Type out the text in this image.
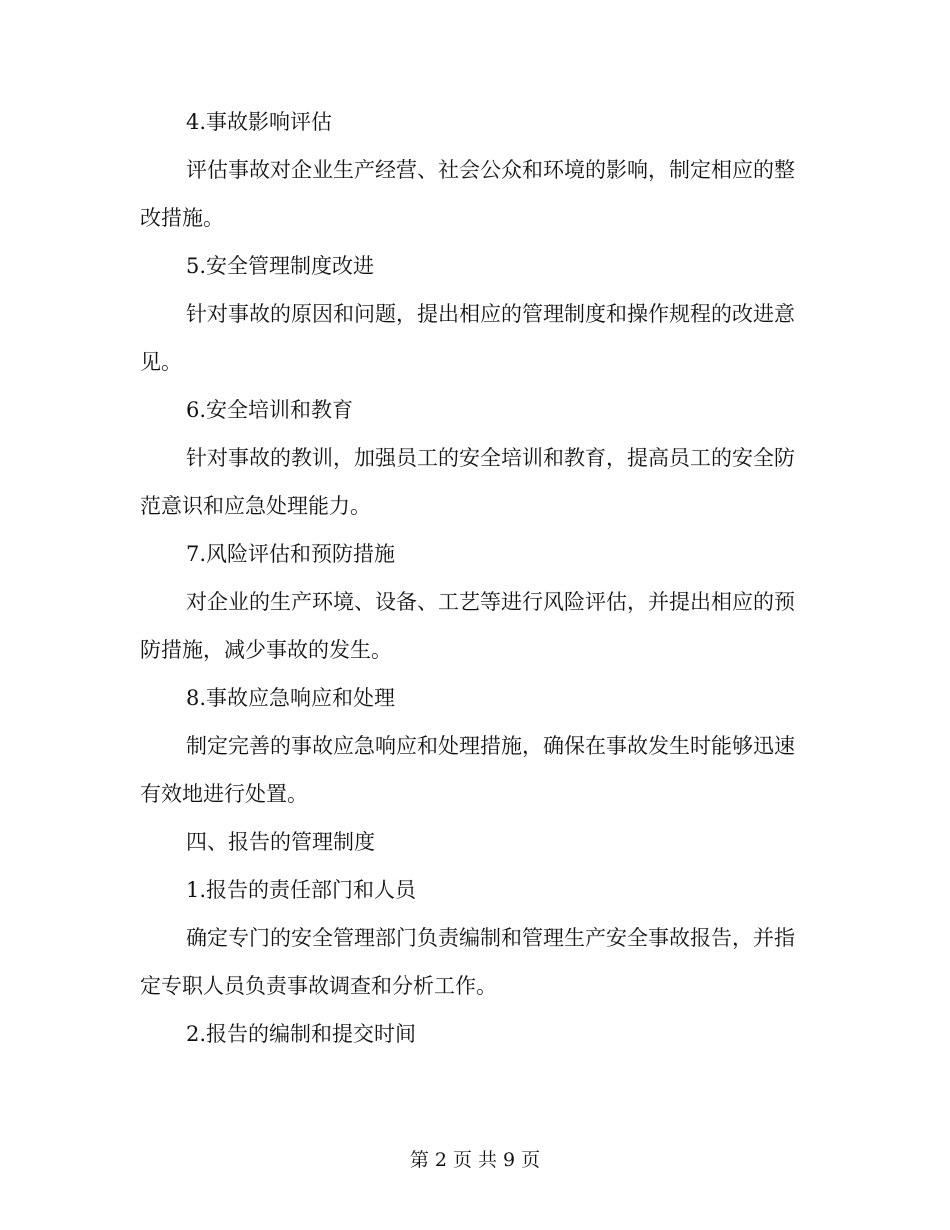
4.事故影响评估

评估事故对企业生产经营、社会公众和环境的影响，制定相应的整改措施。

5.安全管理制度改进

针对事故的原因和问题，提出相应的管理制度和操作规程的改进意见。

6.安全培训和教育

针对事故的教训，加强员工的安全培训和教育，提高员工的安全防范意识和应急处理能力。

7.风险评估和预防措施

对企业的生产环境、设备、工艺等进行风险评估，并提出相应的预防措施，减少事故的发生。

8.事故应急响应和处理

制定完善的事故应急响应和处理措施，确保在事故发生时能够迅速有效地进行处置。

四、报告的管理制度

1.报告的责任部门和人员

确定专门的安全管理部门负责编制和管理生产安全事故报告，并指定专职人员负责事故调查和分析工作。

2.报告的编制和提交时间

第 2 页 共 9 页
